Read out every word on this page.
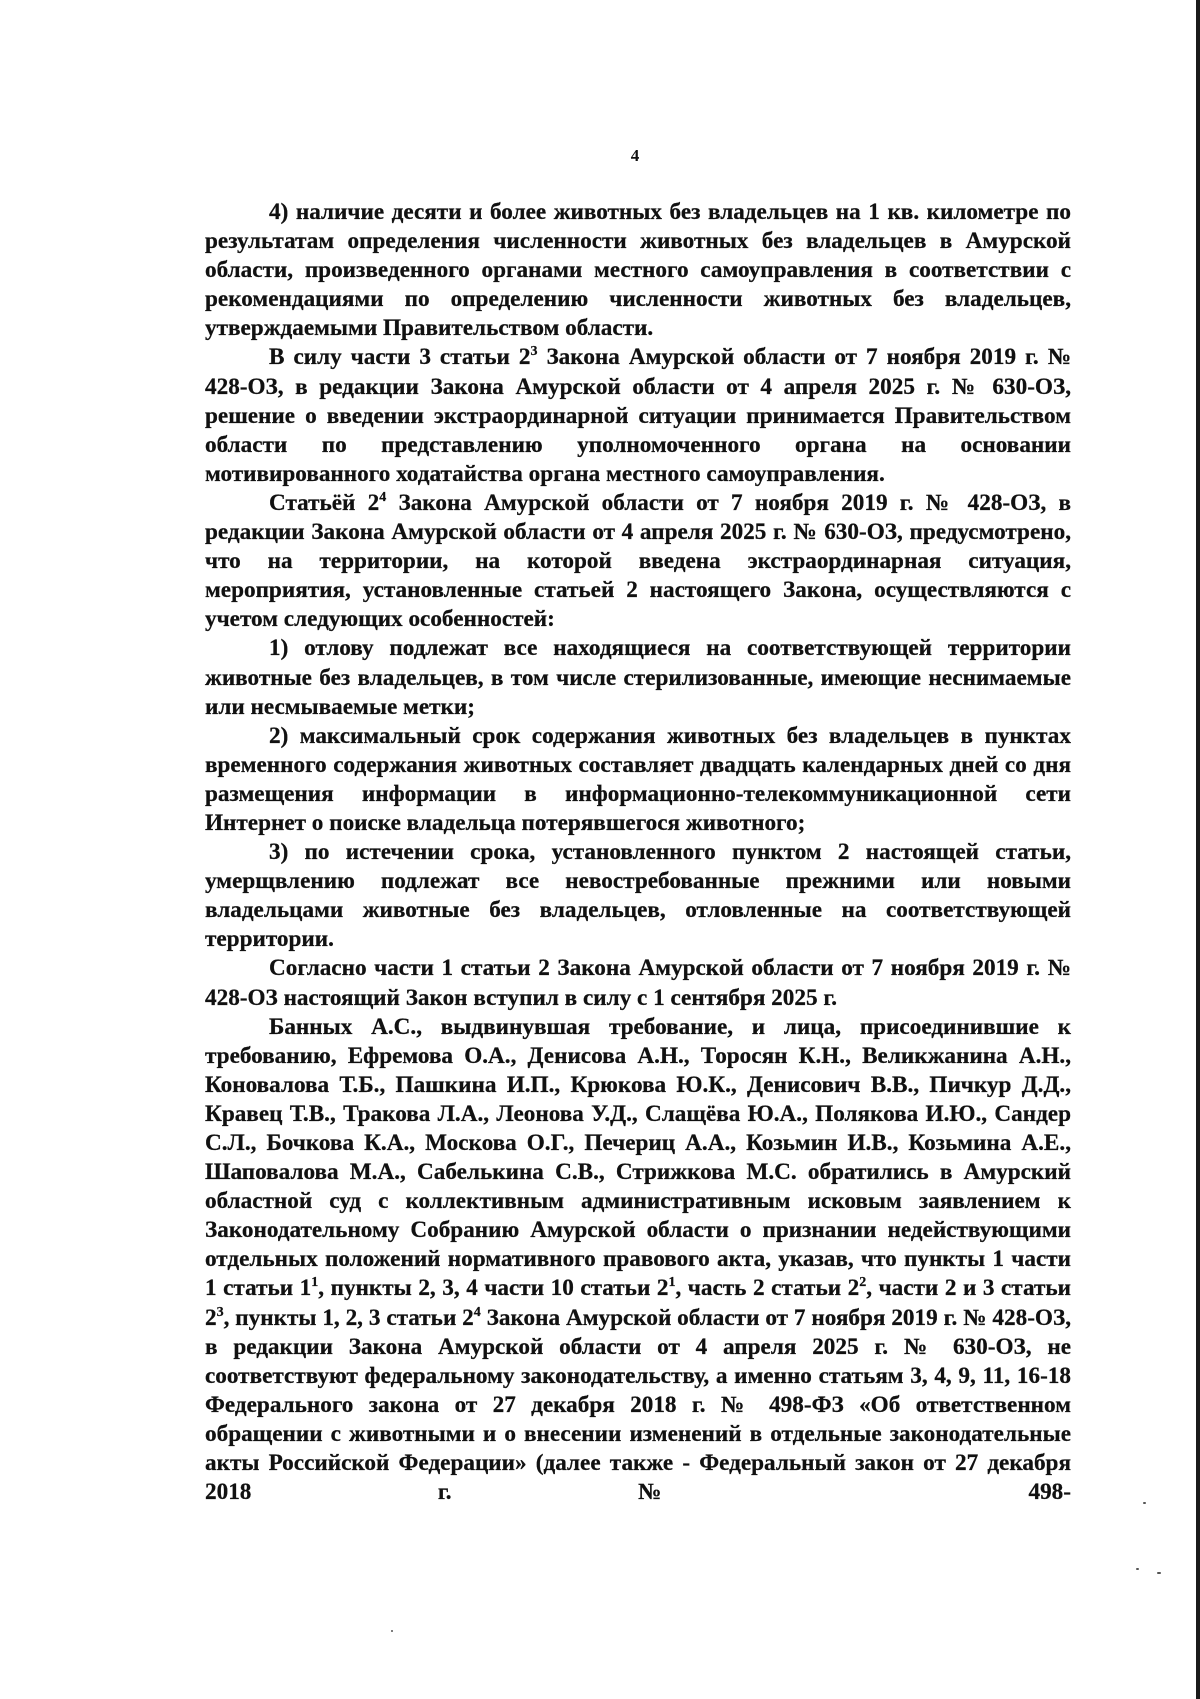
4

4) наличие десяти и более животных без владельцев на 1 кв. километре по результатам определения численности животных без владельцев в Амурской области, произведенного органами местного самоуправления в соответствии с рекомендациями по определению численности животных без владельцев, утверждаемыми Правительством области.

В силу части 3 статьи $2^3$ Закона Амурской области от 7 ноября 2019 г. № 428-ОЗ, в редакции Закона Амурской области от 4 апреля 2025 г. № 630-ОЗ, решение о введении экстраординарной ситуации принимается Правительством области по представлению уполномоченного органа на основании мотивированного ходатайства органа местного самоуправления.

Статьёй $2^4$ Закона Амурской области от 7 ноября 2019 г. № 428-ОЗ, в редакции Закона Амурской области от 4 апреля 2025 г. № 630-ОЗ, предусмотрено, что на территории, на которой введена экстраординарная ситуация, мероприятия, установленные статьей 2 настоящего Закона, осуществляются с учетом следующих особенностей:

1) отлову подлежат все находящиеся на соответствующей территории животные без владельцев, в том числе стерилизованные, имеющие неснимаемые или несмываемые метки;

2) максимальный срок содержания животных без владельцев в пунктах временного содержания животных составляет двадцать календарных дней со дня размещения информации в информационно-телекоммуникационной сети Интернет о поиске владельца потерявшегося животного;

3) по истечении срока, установленного пунктом 2 настоящей статьи, умерщвлению подлежат все невостребованные прежними или новыми владельцами животные без владельцев, отловленные на соответствующей территории.

Согласно части 1 статьи 2 Закона Амурской области от 7 ноября 2019 г. № 428-ОЗ настоящий Закон вступил в силу с 1 сентября 2025 г.

Банных А.С., выдвинувшая требование, и лица, присоединившие к требованию, Ефремова О.А., Денисова А.Н., Торосян К.Н., Великжанина А.Н., Коновалова Т.Б., Пашкина И.П., Крюкова Ю.К., Денисович В.В., Пичкур Д.Д., Кравец Т.В., Тракова Л.А., Леонова У.Д., Слащёва Ю.А., Полякова И.Ю., Сандер С.Л., Бочкова К.А., Москова О.Г., Печериц А.А., Козьмин И.В., Козьмина А.Е., Шаповалова М.А., Сабелькина С.В., Стрижкова М.С. обратились в Амурский областной суд с коллективным административным исковым заявлением к Законодательному Собранию Амурской области о признании недействующими отдельных положений нормативного правового акта, указав, что пункты 1 части 1 статьи $1^1$, пункты 2, 3, 4 части 10 статьи $2^1$, часть 2 статьи $2^2$, части 2 и 3 статьи $2^3$, пункты 1, 2, 3 статьи $2^4$ Закона Амурской области от 7 ноября 2019 г. № 428-ОЗ, в редакции Закона Амурской области от 4 апреля 2025 г. № 630-ОЗ, не соответствуют федеральному законодательству, а именно статьям 3, 4, 9, 11, 16-18 Федерального закона от 27 декабря 2018 г. № 498-ФЗ «Об ответственном обращении с животными и о внесении изменений в отдельные законодательные акты Российской Федерации» (далее также - Федеральный закон от 27 декабря 2018 г. № 498-
